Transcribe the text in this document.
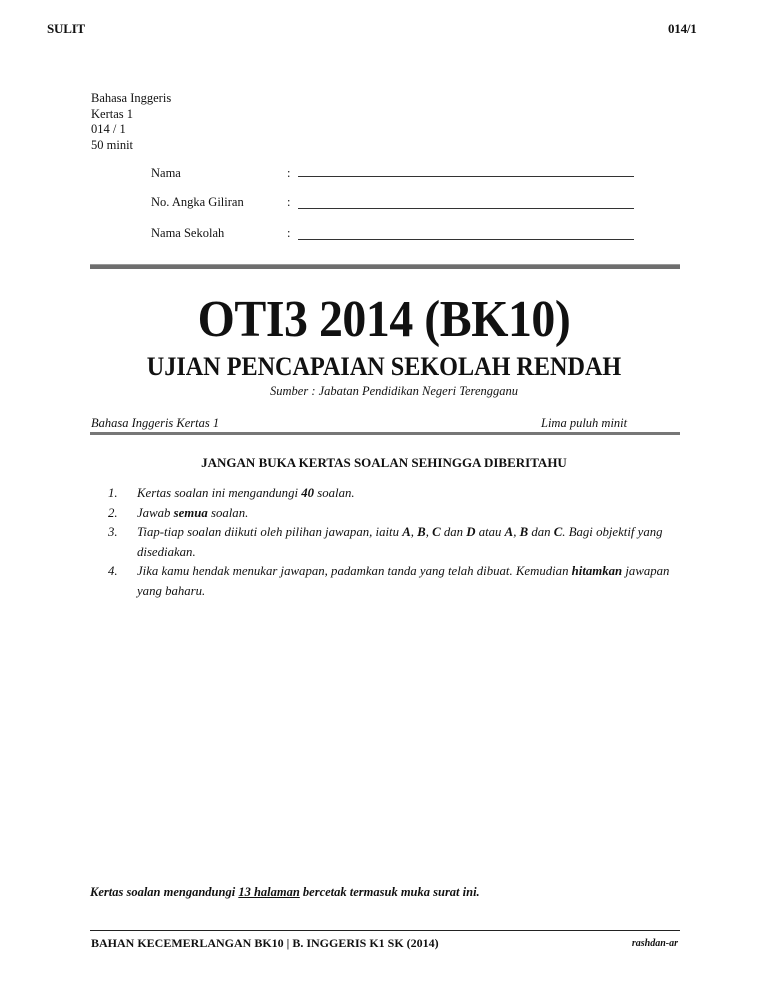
SULIT	014/1
Bahasa Inggeris
Kertas 1
014 / 1
50 minit
Nama	:
No. Angka Giliran	:
Nama Sekolah	:
OTI3 2014 (BK10)
UJIAN PENCAPAIAN SEKOLAH RENDAH
Sumber : Jabatan Pendidikan Negeri Terengganu
Bahasa Inggeris Kertas 1	Lima puluh minit
JANGAN BUKA KERTAS SOALAN SEHINGGA DIBERITAHU
1. Kertas soalan ini mengandungi 40 soalan.
2. Jawab semua soalan.
3. Tiap-tiap soalan diikuti oleh pilihan jawapan, iaitu A, B, C dan D atau A, B dan C. Bagi objektif yang disediakan.
4. Jika kamu hendak menukar jawapan, padamkan tanda yang telah dibuat. Kemudian hitamkan jawapan yang baharu.
Kertas soalan mengandungi 13 halaman bercetak termasuk muka surat ini.
BAHAN KECEMERLANGAN BK10 | B. INGGERIS K1 SK (2014)	rashdan-ar
